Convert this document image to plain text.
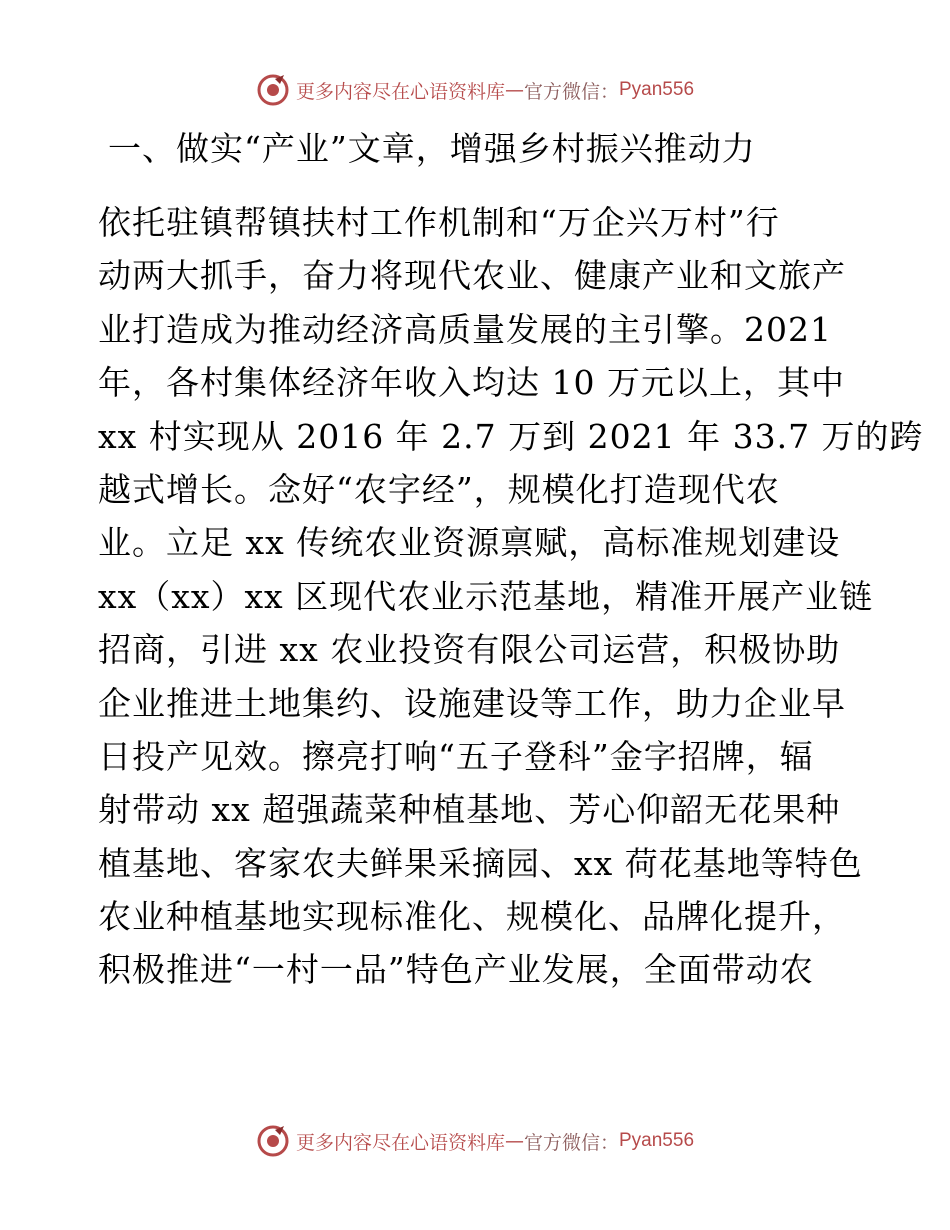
更多内容尽在心语资料库 — 官方微信： Pyan556
一、做实“产业”文章，增强乡村振兴推动力
依托驻镇帮镇扶村工作机制和“万企兴万村”行
动两大抓手，奋力将现代农业、健康产业和文旅产
业打造成为推动经济高质量发展的主引擎。2021
年，各村集体经济年收入均达 10 万元以上，其中
xx 村实现从 2016 年 2.7 万到 2021 年 33.7 万的跨
越式增长。念好“农字经”，规模化打造现代农
业。立足 xx 传统农业资源禀赋，高标准规划建设
xx（xx）xx 区现代农业示范基地，精准开展产业链
招商，引进 xx 农业投资有限公司运营，积极协助
企业推进土地集约、设施建设等工作，助力企业早
日投产见效。擦亮打响“五子登科”金字招牌，辐
射带动 xx 超强蔬菜种植基地、芳心仰韶无花果种
植基地、客家农夫鲜果采摘园、xx 荷花基地等特色
农业种植基地实现标准化、规模化、品牌化提升，
积极推进“一村一品”特色产业发展，全面带动农
更多内容尽在心语资料库 — 官方微信： Pyan556
